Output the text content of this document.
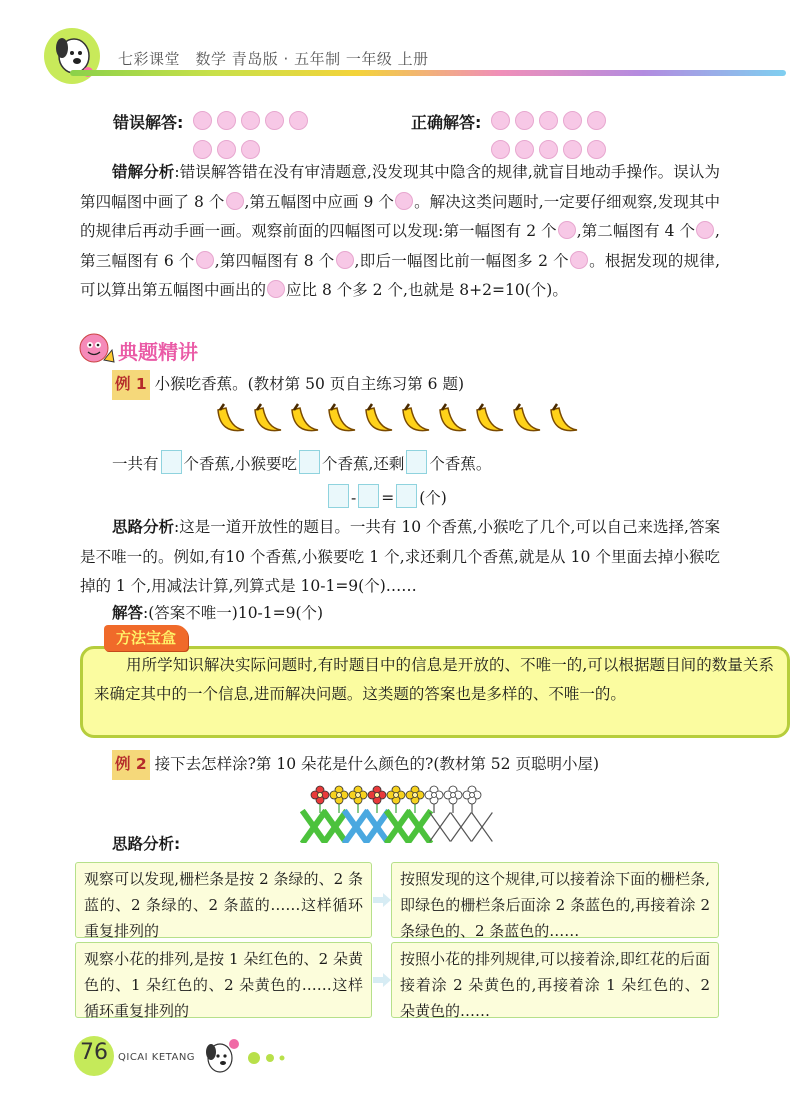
七彩课堂　数学 青岛版 · 五年制 一年级 上册
错误解答:	正确解答:
错解分析:错误解答错在没有审清题意,没发现其中隐含的规律,就盲目地动手操作。误认为第四幅图中画了 8 个 ,第五幅图中应画 9 个 。解决这类问题时,一定要仔细观察,发现其中的规律后再动手画一画。观察前面的四幅图可以发现:第一幅图有 2 个 ,第二幅图有 4 个 ,第三幅图有 6 个 ,第四幅图有 8 个 ,即后一幅图比前一幅图多 2 个 。根据发现的规律,可以算出第五幅图中画出的 应比 8 个多 2 个,也就是 8+2=10(个)。
典题精讲
例 1 小猴吃香蕉。(教材第 50 页自主练习第 6 题)
一共有 个香蕉,小猴要吃 个香蕉,还剩 个香蕉。
- = (个)
思路分析:这是一道开放性的题目。一共有 10 个香蕉,小猴吃了几个,可以自己来选择,答案是不唯一的。例如,有10 个香蕉,小猴要吃 1 个,求还剩几个香蕉,就是从 10 个里面去掉小猴吃掉的 1 个,用减法计算,列算式是 10-1=9(个)……
解答:(答案不唯一)10-1=9(个)
方法宝盒
用所学知识解决实际问题时,有时题目中的信息是开放的、不唯一的,可以根据题目间的数量关系来确定其中的一个信息,进而解决问题。这类题的答案也是多样的、不唯一的。
例 2 接下去怎样涂?第 10 朵花是什么颜色的?(教材第 52 页聪明小屋)
思路分析:
观察可以发现,栅栏条是按 2 条绿的、2 条蓝的、2 条绿的、2 条蓝的……这样循环重复排列的
按照发现的这个规律,可以接着涂下面的栅栏条,即绿色的栅栏条后面涂 2 条蓝色的,再接着涂 2 条绿色的、2 条蓝色的……
观察小花的排列,是按 1 朵红色的、2 朵黄色的、1 朵红色的、2 朵黄色的……这样循环重复排列的
按照小花的排列规律,可以接着涂,即红花的后面接着涂 2 朵黄色的,再接着涂 1 朵红色的、2 朵黄色的……
76 QICAI KETANG
